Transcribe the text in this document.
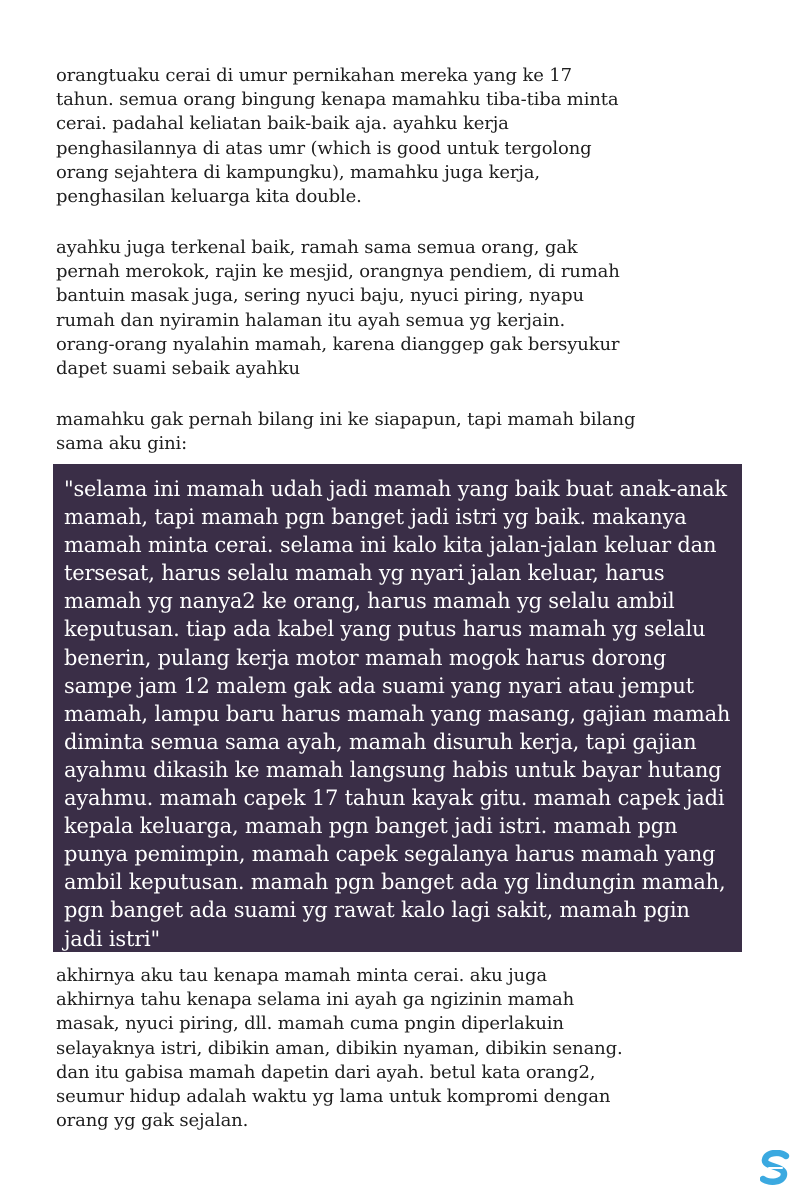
orangtuaku cerai di umur pernikahan mereka yang ke 17
tahun. semua orang bingung kenapa mamahku tiba-tiba minta
cerai. padahal keliatan baik-baik aja. ayahku kerja
penghasilannya di atas umr (which is good untuk tergolong
orang sejahtera di kampungku), mamahku juga kerja,
penghasilan keluarga kita double.

ayahku juga terkenal baik, ramah sama semua orang, gak
pernah merokok, rajin ke mesjid, orangnya pendiem, di rumah
bantuin masak juga, sering nyuci baju, nyuci piring, nyapu
rumah dan nyiramin halaman itu ayah semua yg kerjain.
orang-orang nyalahin mamah, karena dianggep gak bersyukur
dapet suami sebaik ayahku

mamahku gak pernah bilang ini ke siapapun, tapi mamah bilang
sama aku gini:

"selama ini mamah udah jadi mamah yang baik buat anak-anak
mamah, tapi mamah pgn banget jadi istri yg baik. makanya
mamah minta cerai. selama ini kalo kita jalan-jalan keluar dan
tersesat, harus selalu mamah yg nyari jalan keluar, harus
mamah yg nanya2 ke orang, harus mamah yg selalu ambil
keputusan. tiap ada kabel yang putus harus mamah yg selalu
benerin, pulang kerja motor mamah mogok harus dorong
sampe jam 12 malem gak ada suami yang nyari atau jemput
mamah, lampu baru harus mamah yang masang, gajian mamah
diminta semua sama ayah, mamah disuruh kerja, tapi gajian
ayahmu dikasih ke mamah langsung habis untuk bayar hutang
ayahmu. mamah capek 17 tahun kayak gitu. mamah capek jadi
kepala keluarga, mamah pgn banget jadi istri. mamah pgn
punya pemimpin, mamah capek segalanya harus mamah yang
ambil keputusan. mamah pgn banget ada yg lindungin mamah,
pgn banget ada suami yg rawat kalo lagi sakit, mamah pgin
jadi istri"

akhirnya aku tau kenapa mamah minta cerai. aku juga
akhirnya tahu kenapa selama ini ayah ga ngizinin mamah
masak, nyuci piring, dll. mamah cuma pngin diperlakuin
selayaknya istri, dibikin aman, dibikin nyaman, dibikin senang.
dan itu gabisa mamah dapetin dari ayah. betul kata orang2,
seumur hidup adalah waktu yg lama untuk kompromi dengan
orang yg gak sejalan.
